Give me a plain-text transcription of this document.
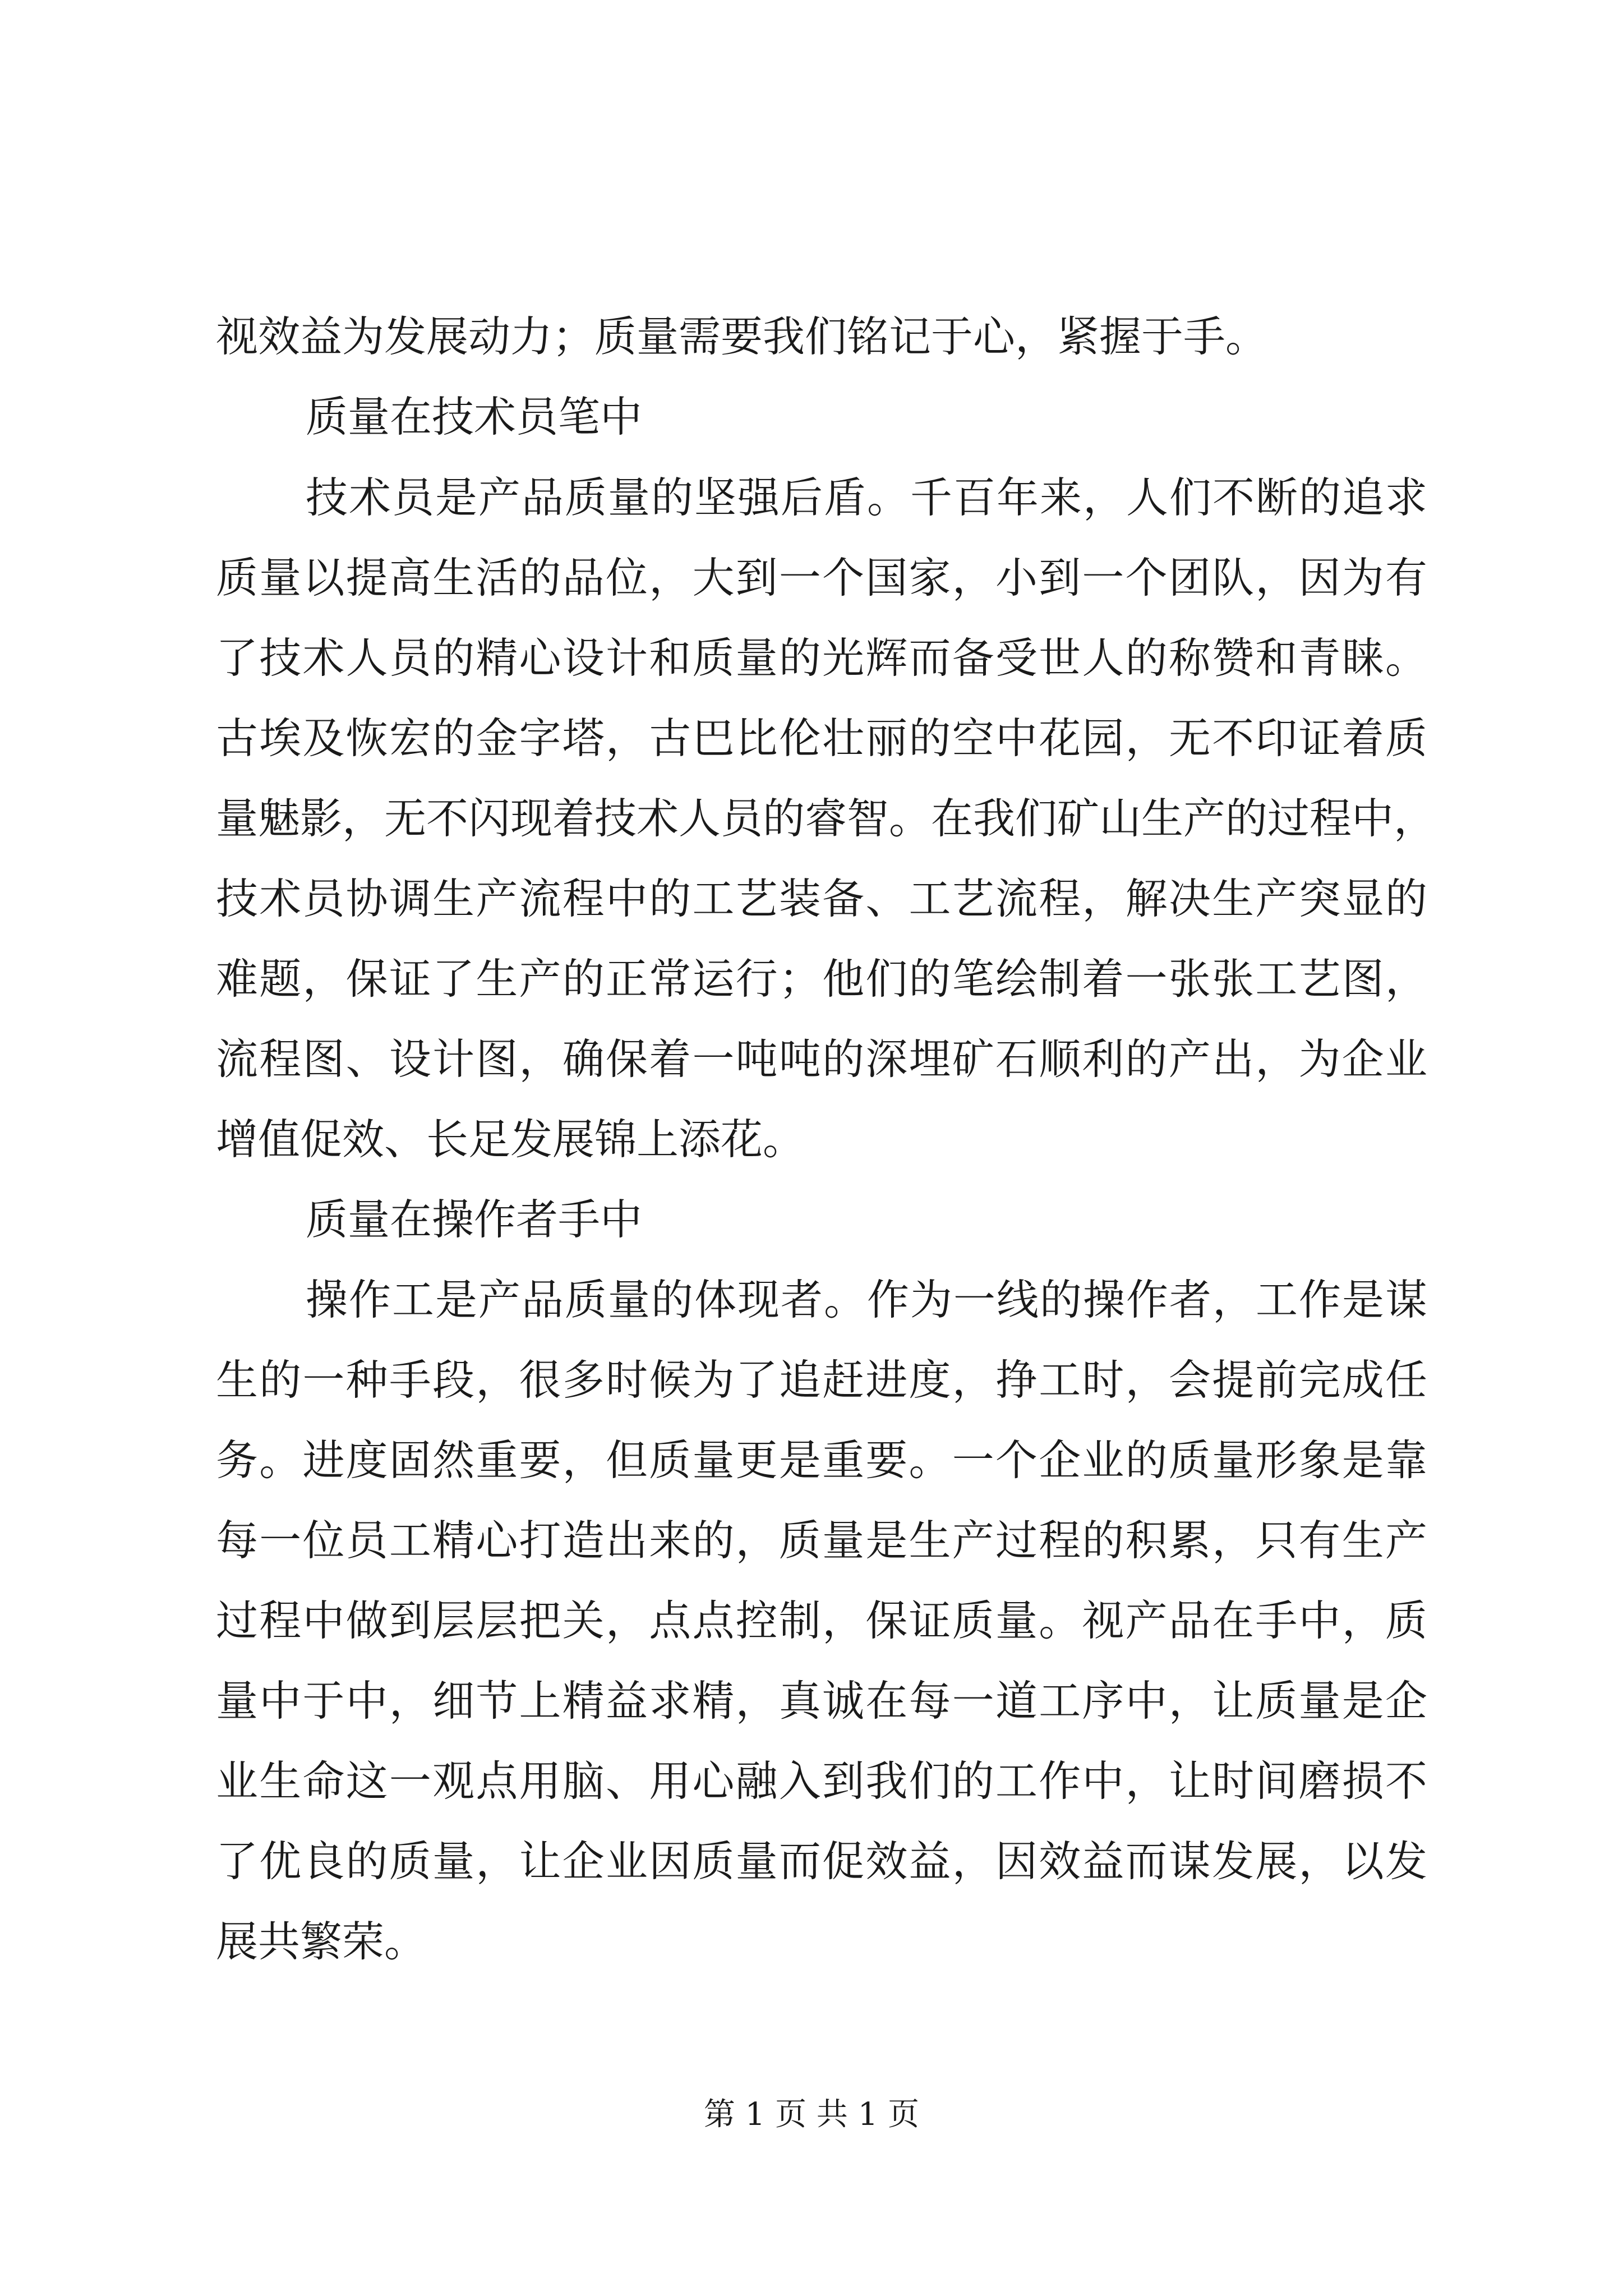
视效益为发展动力；质量需要我们铭记于心，紧握于手。
质量在技术员笔中
技术员是产品质量的坚强后盾。千百年来，人们不断的追求
质量以提高生活的品位，大到一个国家，小到一个团队，因为有
了技术人员的精心设计和质量的光辉而备受世人的称赞和青睐。
古埃及恢宏的金字塔，古巴比伦壮丽的空中花园，无不印证着质
量魅影，无不闪现着技术人员的睿智。在我们矿山生产的过程中，
技术员协调生产流程中的工艺装备、工艺流程，解决生产突显的
难题，保证了生产的正常运行；他们的笔绘制着一张张工艺图，
流程图、设计图，确保着一吨吨的深埋矿石顺利的产出，为企业
增值促效、长足发展锦上添花。
质量在操作者手中
操作工是产品质量的体现者。作为一线的操作者，工作是谋
生的一种手段，很多时候为了追赶进度，挣工时，会提前完成任
务。进度固然重要，但质量更是重要。一个企业的质量形象是靠
每一位员工精心打造出来的，质量是生产过程的积累，只有生产
过程中做到层层把关，点点控制，保证质量。视产品在手中，质
量中于中，细节上精益求精，真诚在每一道工序中，让质量是企
业生命这一观点用脑、用心融入到我们的工作中，让时间磨损不
了优良的质量，让企业因质量而促效益，因效益而谋发展，以发
展共繁荣。
第 1 页 共 1 页
